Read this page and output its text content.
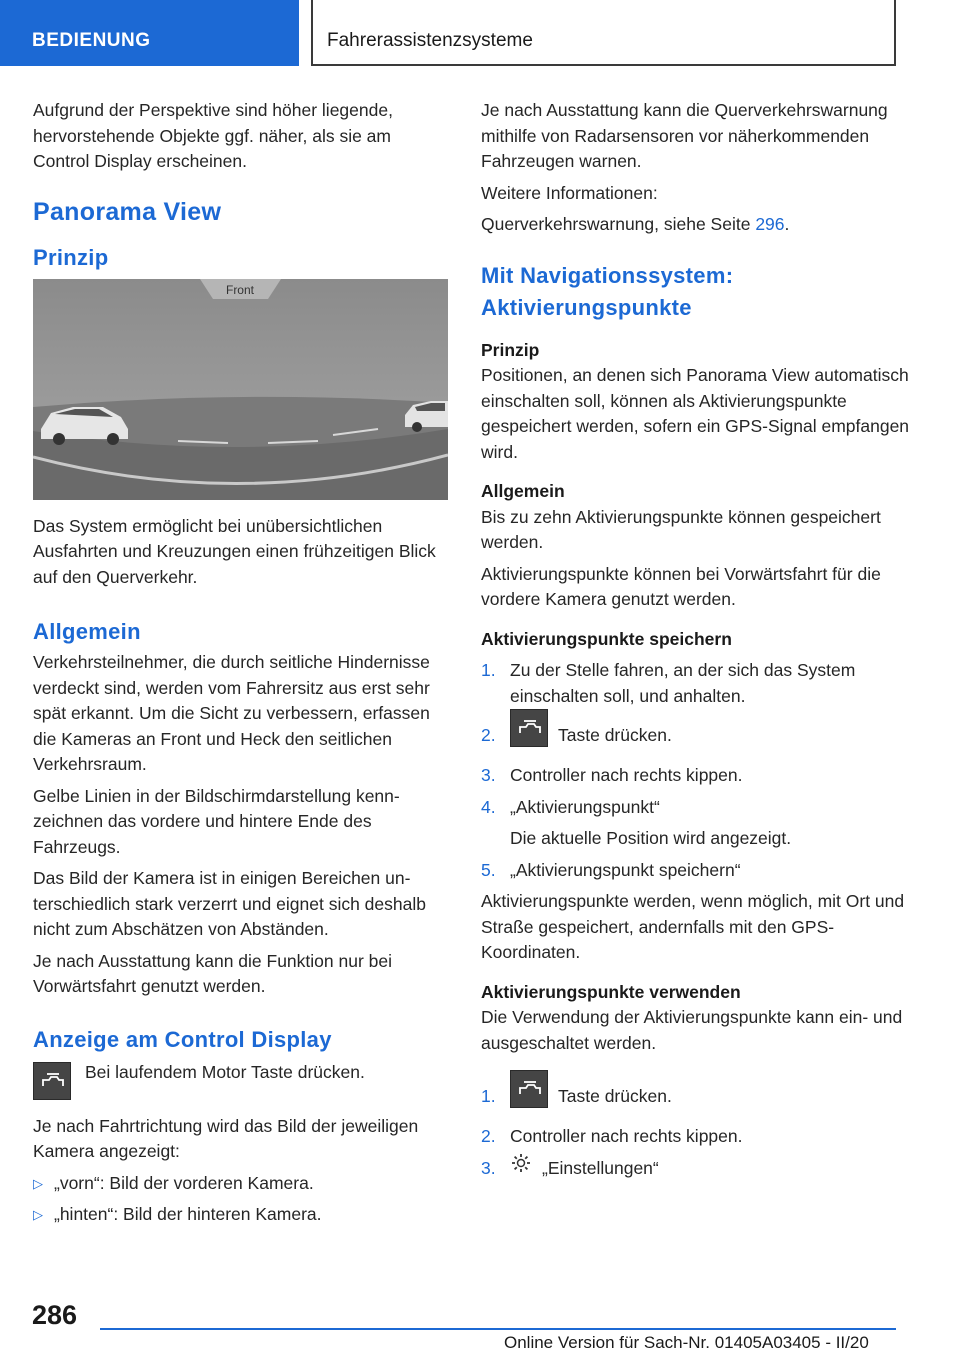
BEDIENUNG	Fahrerassistenzsysteme
Aufgrund der Perspektive sind höher liegende, hervorstehende Objekte ggf. näher, als sie am Control Display erscheinen.
Panorama View
Prinzip
Front
Das System ermöglicht bei unübersichtlichen Ausfahrten und Kreuzungen einen frühzeitigen Blick auf den Querverkehr.
Allgemein
Verkehrsteilnehmer, die durch seitliche Hindernisse verdeckt sind, werden vom Fahrersitz aus erst sehr spät erkannt. Um die Sicht zu verbessern, erfassen die Kameras an Front und Heck den seitlichen Verkehrsraum.
Gelbe Linien in der Bildschirmdarstellung kennzeichnen das vordere und hintere Ende des Fahrzeugs.
Das Bild der Kamera ist in einigen Bereichen unterschiedlich stark verzerrt und eignet sich deshalb nicht zum Abschätzen von Abständen.
Je nach Ausstattung kann die Funktion nur bei Vorwärtsfahrt genutzt werden.
Anzeige am Control Display
Bei laufendem Motor Taste drücken.
Je nach Fahrtrichtung wird das Bild der jeweiligen Kamera angezeigt:
▷ „vorn“: Bild der vorderen Kamera.
▷ „hinten“: Bild der hinteren Kamera.
Je nach Ausstattung kann die Querverkehrswarnung mithilfe von Radarsensoren vor näherkommenden Fahrzeugen warnen.
Weitere Informationen:
Querverkehrswarnung, siehe Seite 296.
Mit Navigationssystem:
Aktivierungspunkte
Prinzip
Positionen, an denen sich Panorama View automatisch einschalten soll, können als Aktivierungspunkte gespeichert werden, sofern ein GPS-Signal empfangen wird.
Allgemein
Bis zu zehn Aktivierungspunkte können gespeichert werden.
Aktivierungspunkte können bei Vorwärtsfahrt für die vordere Kamera genutzt werden.
Aktivierungspunkte speichern
1. Zu der Stelle fahren, an der sich das System einschalten soll, und anhalten.
2.	Taste drücken.
3. Controller nach rechts kippen.
4. „Aktivierungspunkt“
Die aktuelle Position wird angezeigt.
5. „Aktivierungspunkt speichern“
Aktivierungspunkte werden, wenn möglich, mit Ort und Straße gespeichert, andernfalls mit den GPS-Koordinaten.
Aktivierungspunkte verwenden
Die Verwendung der Aktivierungspunkte kann ein- und ausgeschaltet werden.
1.	Taste drücken.
2. Controller nach rechts kippen.
3.	„Einstellungen“
286
Online Version für Sach-Nr. 01405A03405 - II/20
